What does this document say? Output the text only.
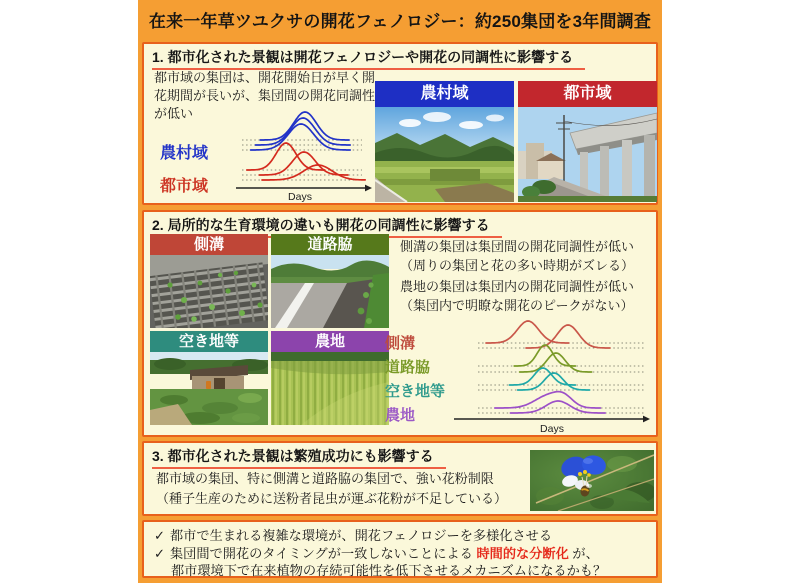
在来一年草ツユクサの開花フェノロジー：約250集団を3年間調査
1. 都市化された景観は開花フェノロジーや開花の同調性に影響する
都市域の集団は、開花開始日が早く開花期間が長いが、集団間の開花同調性が低い
農村域
都市域
Days
農村域	都市域
2. 局所的な生育環境の違いも開花の同調性に影響する
側溝	道路脇
空き地等	農地
側溝の集団は集団間の開花同調性が低い
（周りの集団と花の多い時期がズレる）
農地の集団は集団内の開花同調性が低い
（集団内で明瞭な開花のピークがない）
側溝
道路脇
空き地等
農地
Days
3. 都市化された景観は繁殖成功にも影響する
都市域の集団、特に側溝と道路脇の集団で、強い花粉制限
（種子生産のために送粉者昆虫が運ぶ花粉が不足している）
✓ 都市で生まれる複雑な環境が、開花フェノロジーを多様化させる
✓ 集団間で開花のタイミングが一致しないことによる 時間的な分断化 が、
都市環境下で在来植物の存続可能性を低下させるメカニズムになるかも？
